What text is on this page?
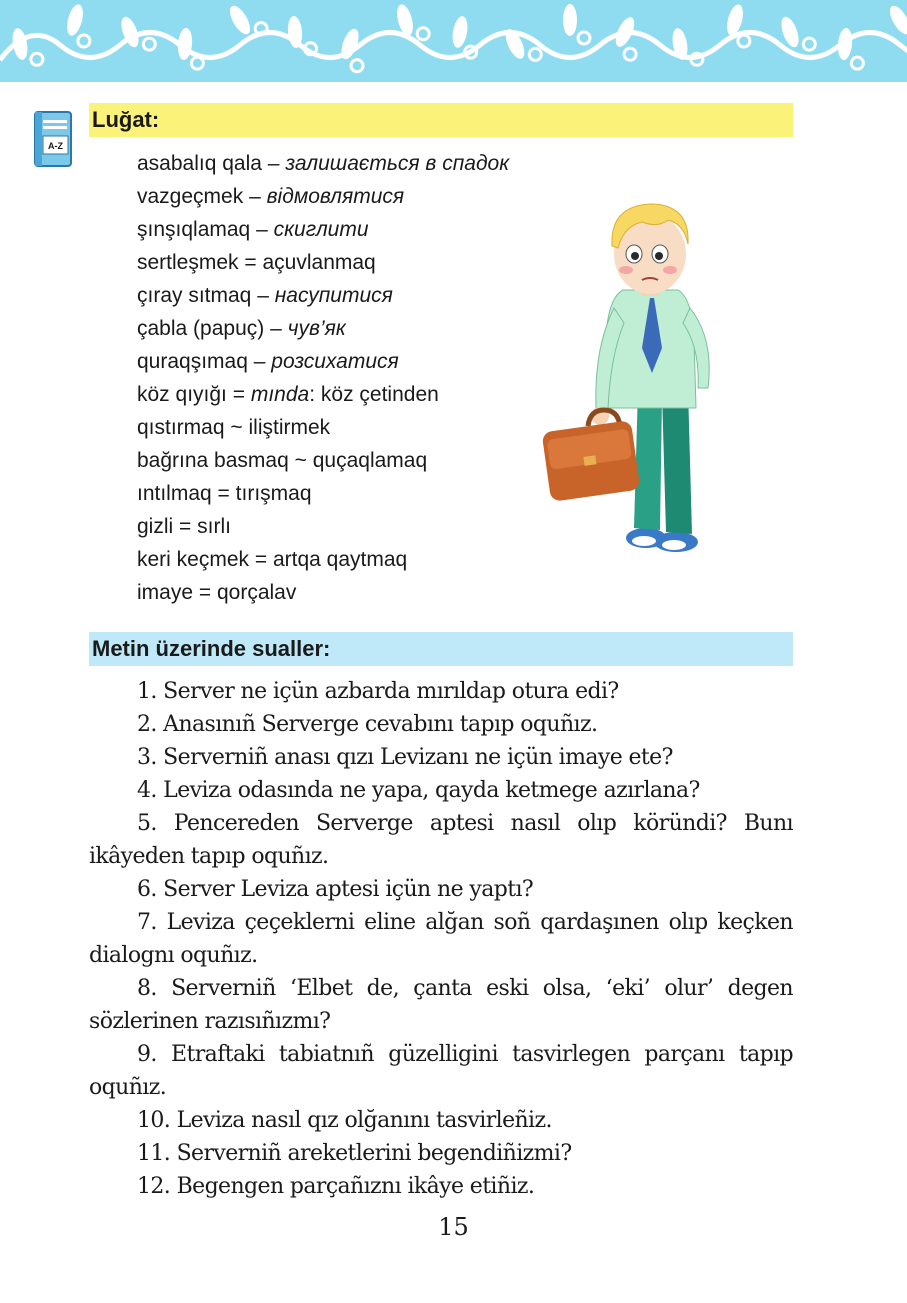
A-Z
Luğat:
asabalıq qala – залишається в спадок
vazgeçmek – відмовлятися
şınşıqlamaq – скиглити
sertleşmek = açuvlanmaq
çıray sıtmaq – насупитися
çabla (papuç) – чув’як
quraqşımaq – розсихатися
köz qıyığı = mında: köz çetinden
qıstırmaq ~ iliştirmek
bağrına basmaq ~ quçaqlamaq
ıntılmaq = tırışmaq
gizli = sırlı
keri keçmek = artqa qaytmaq
imaye = qorçalav
Metin üzerinde sualler:

1. Server ne içün azbarda mırıldap otura edi?

2. Anasınıñ Serverge cevabını tapıp oquñız.

3. Serverniñ anası qızı Levizanı ne içün imaye ete?

4. Leviza odasında ne yapa, qayda ketmege azırlana?

5. Pencereden Serverge aptesi nasıl olıp köründi? Bunı ikâyeden tapıp oquñız.

6. Server Leviza aptesi içün ne yaptı?

7. Leviza çeçeklerni eline alğan soñ qardaşınen olıp keçken dialognı oquñız.

8. Serverniñ ‘Elbet de, çanta eski olsa, ‘eki’ olur’ degen sözlerinen razısıñızmı?

9. Etraftaki tabiatnıñ güzelligini tasvirlegen parçanı tapıp oquñız.

10. Leviza nasıl qız olğanını tasvirleñiz.

11. Serverniñ areketlerini begendiñizmi?

12. Begengen parçañıznı ikâye etiñiz.

15
